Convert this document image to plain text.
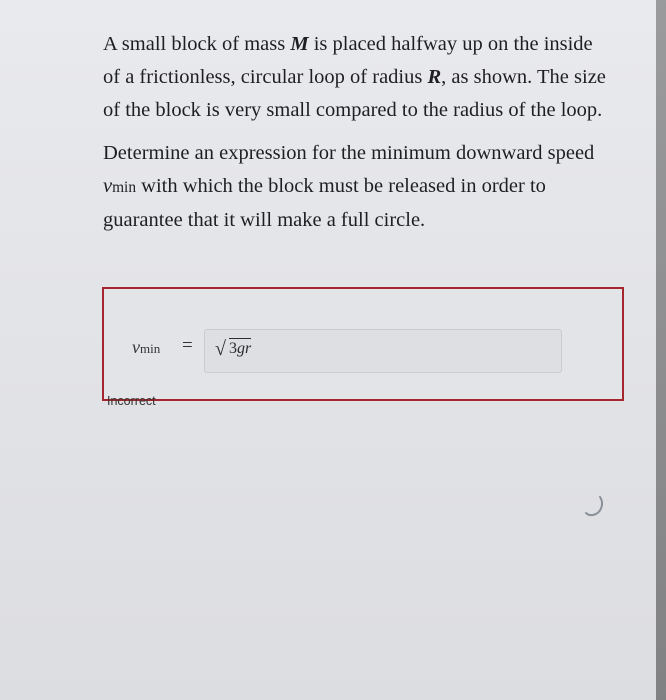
A small block of mass M is placed halfway up on the inside
of a frictionless, circular loop of radius R, as shown. The size
of the block is very small compared to the radius of the loop.

Determine an expression for the minimum downward speed
vmin with which the block must be released in order to
guarantee that it will make a full circle.

vmin = √ 3gr
Incorrect
